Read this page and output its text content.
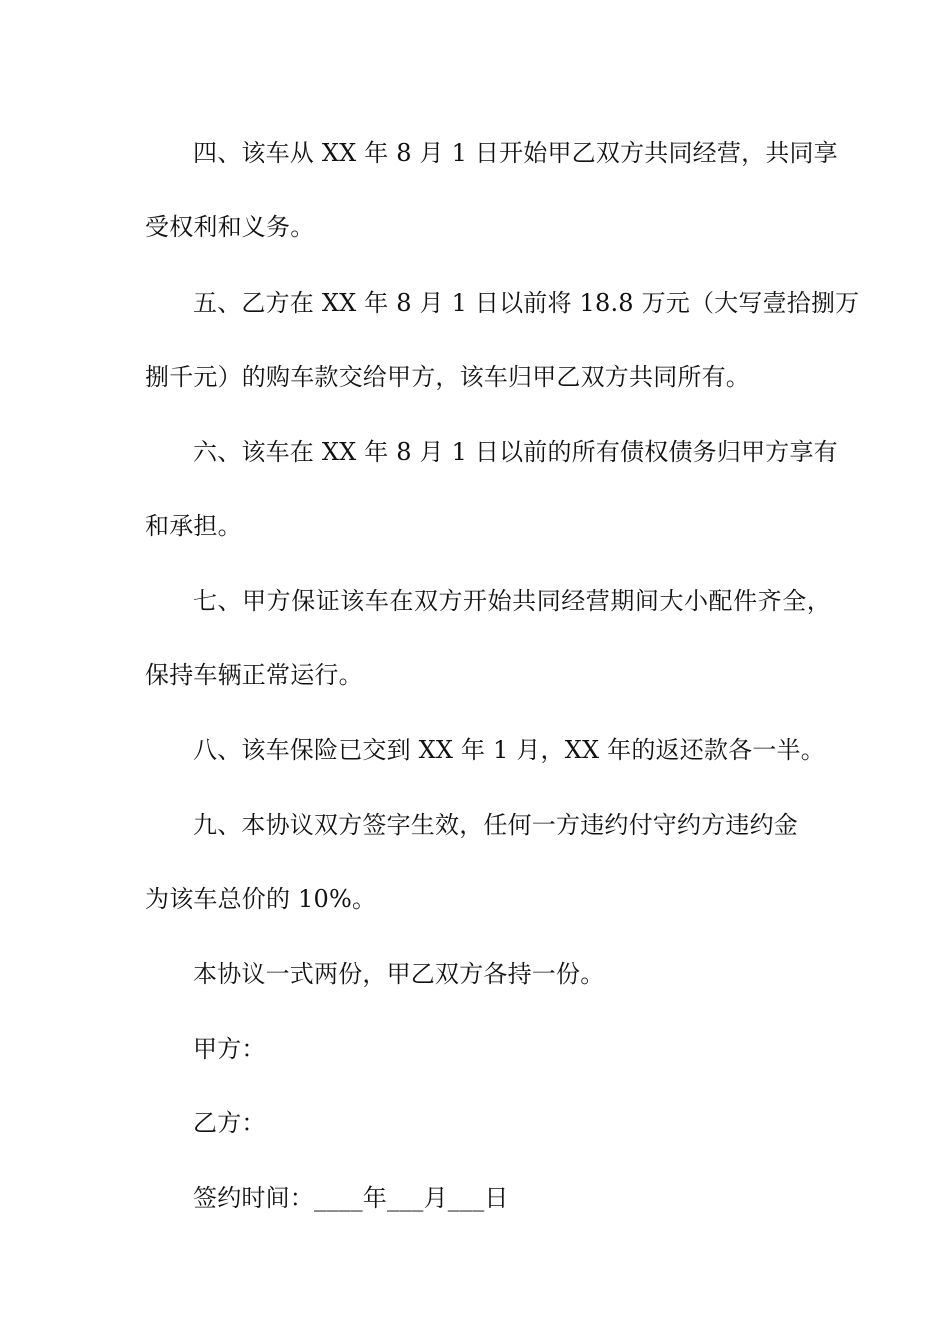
四、该车从 XX 年 8 月 1 日开始甲乙双方共同经营，共同享
受权利和义务。
五、乙方在 XX 年 8 月 1 日以前将 18.8 万元（大写壹拾捌万
捌千元）的购车款交给甲方，该车归甲乙双方共同所有。
六、该车在 XX 年 8 月 1 日以前的所有债权债务归甲方享有
和承担。
七、甲方保证该车在双方开始共同经营期间大小配件齐全，
保持车辆正常运行。
八、该车保险已交到 XX 年 1 月，XX 年的返还款各一半。
九、本协议双方签字生效，任何一方违约付守约方违约金
为该车总价的 10%。
本协议一式两份，甲乙双方各持一份。
甲方：
乙方：
签约时间：____年___月___日
